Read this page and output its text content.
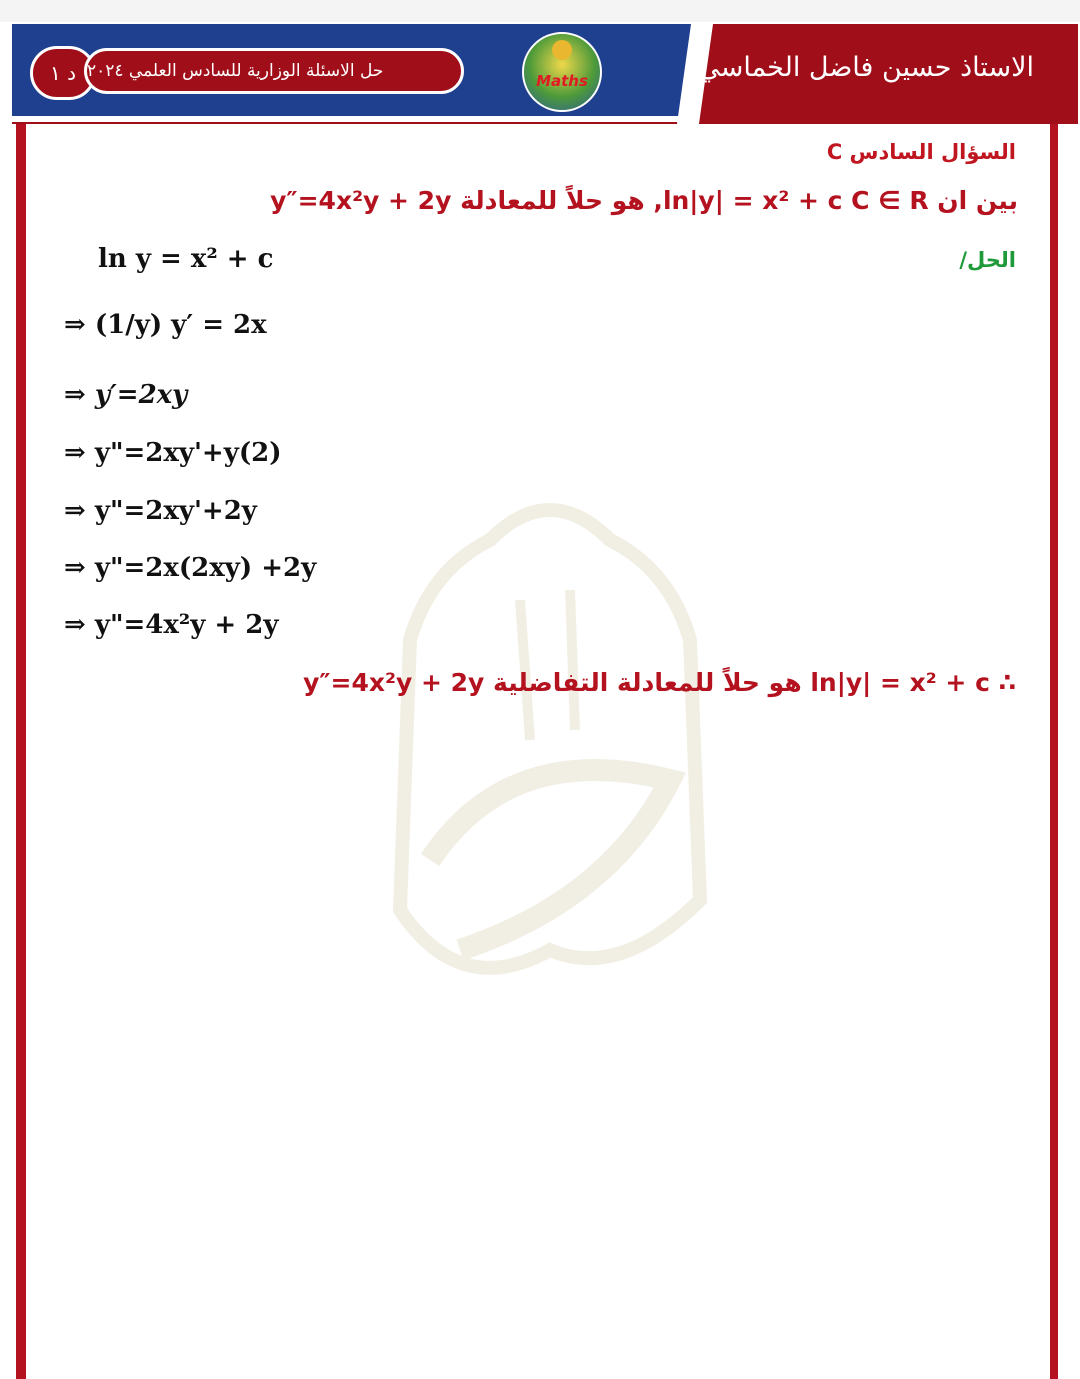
د ١ حل الاسئلة الوزارية للسادس العلمي ٢٠٢٤	Maths	الاستاذ حسين فاضل الخماسي
السؤال السادس C
بين ان ln|y| = x² + c C ∈ R, هو حلاً للمعادلة y″=4x²y + 2y
الحل/
ln y = x² + c
⇒ (1/y) y′ = 2x
⇒ y′=2xy
⇒ y"=2xy'+y(2)
⇒ y"=2xy'+2y
⇒ y"=2x(2xy) +2y
⇒ y"=4x²y + 2y
∴ ln|y| = x² + c هو حلاً للمعادلة التفاضلية y″=4x²y + 2y
